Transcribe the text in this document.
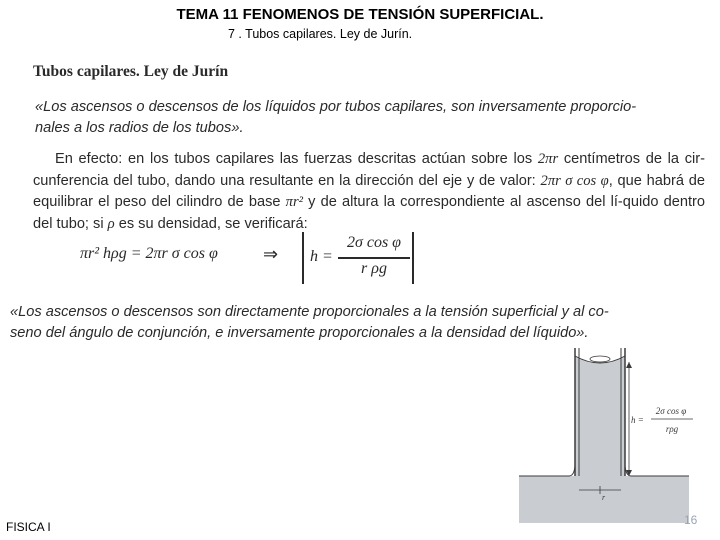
TEMA 11 FENOMENOS DE TENSIÓN SUPERFICIAL.
7 . Tubos capilares. Ley de Jurín.
Tubos capilares. Ley de Jurín
«Los ascensos o descensos de los líquidos por tubos capilares, son inversamente proporcio-
nales a los radios de los tubos».
En efecto: en los tubos capilares las fuerzas descritas actúan sobre los 2πr centímetros de la cir-cunferencia del tubo, dando una resultante en la dirección del eje y de valor: 2πr σ cos φ, que habrá de equilibrar el peso del cilindro de base πr² y de altura la correspondiente al ascenso del lí-quido dentro del tubo; si ρ es su densidad, se verificará:
πr² hρg = 2πr σ cos φ	⇒ h =
2σ cos φ
r ρg
«Los ascensos o descensos son directamente proporcionales a la tensión superficial y al co-
seno del ángulo de conjunción, e inversamente proporcionales a la densidad del líquido».
r
h =
2σ cos φ
rρg
FISICA I	16
